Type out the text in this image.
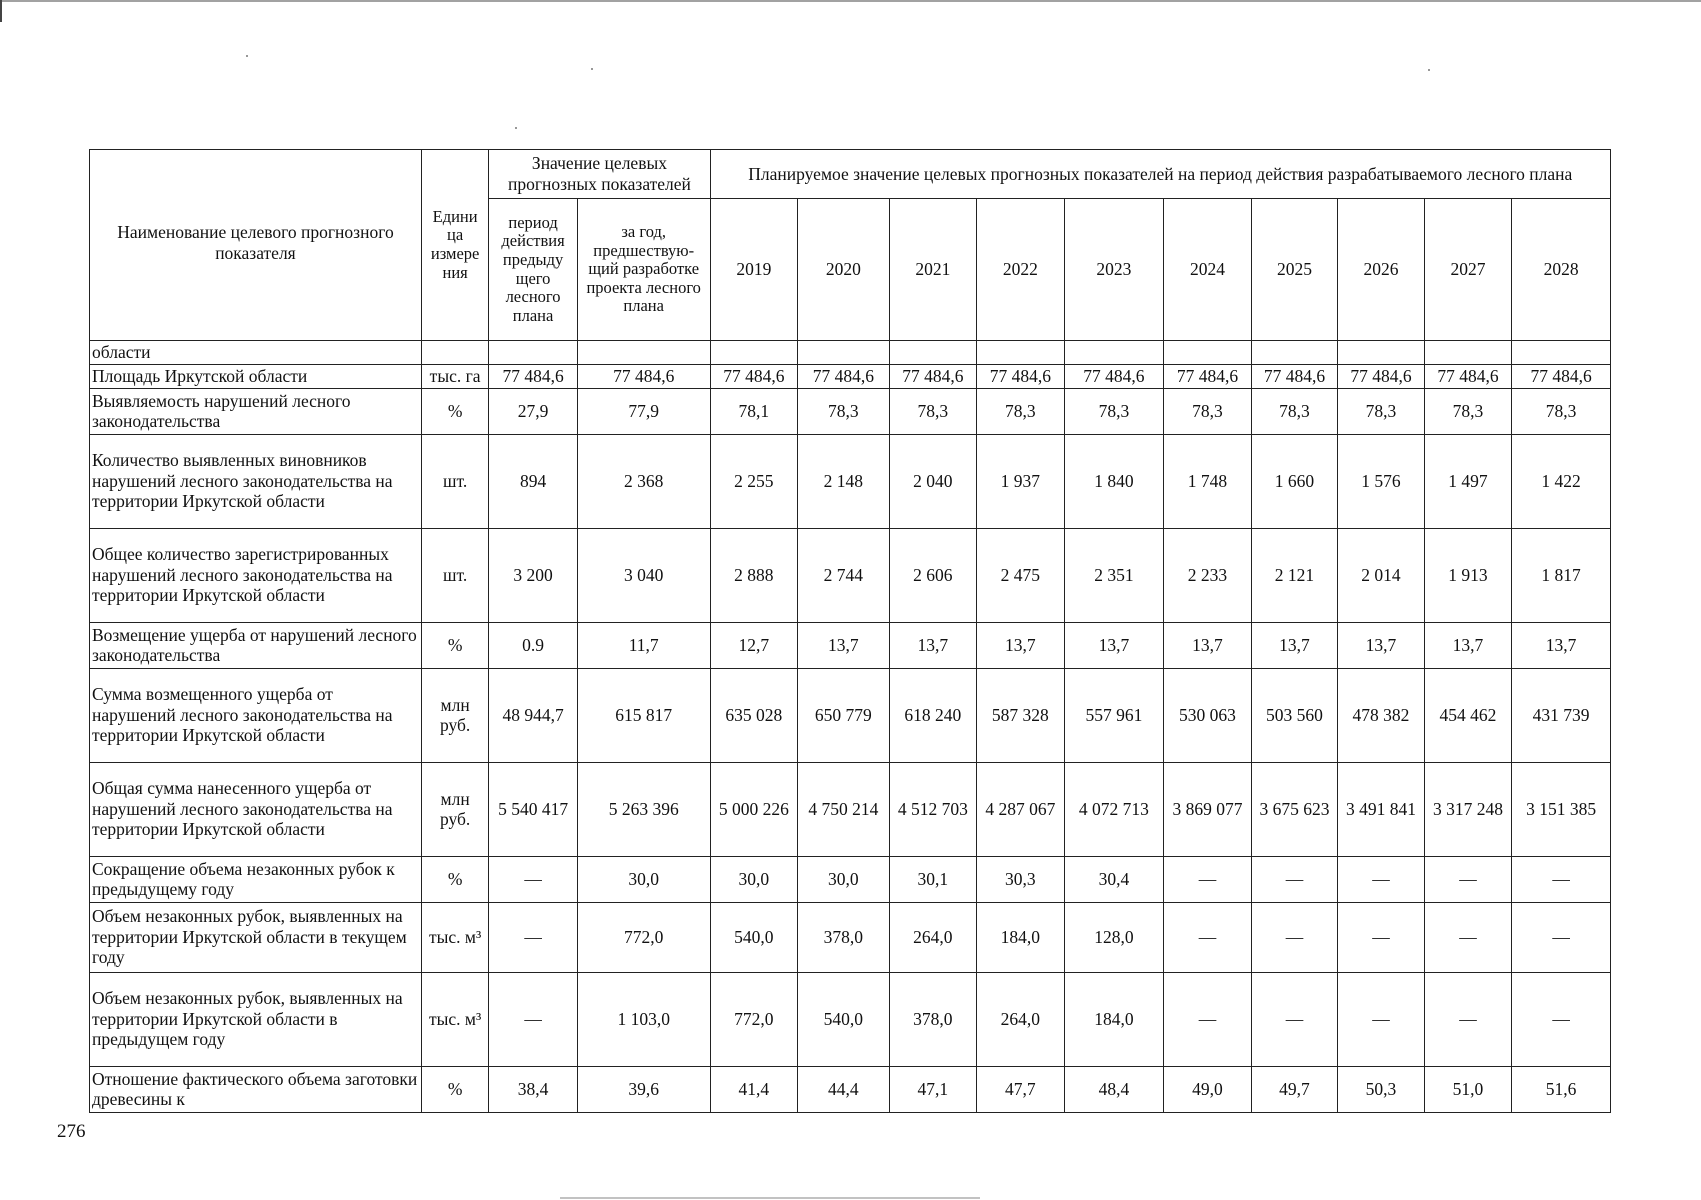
Наименование целевого прогнозного показателя	Едини ца измере ния	Значение целевых прогнозных показателей		Планируемое значение целевых прогнозных показателей на период действия разрабатываемого лесного плана									
		период действия предыду щего лесного плана	за год, предшествую-щий разработке проекта лесного плана	2019	2020	2021	2022	2023	2024	2025	2026	2027	2028
области													
Площадь Иркутской области	тыс. га	77 484,6	77 484,6	77 484,6	77 484,6	77 484,6	77 484,6	77 484,6	77 484,6	77 484,6	77 484,6	77 484,6	77 484,6
Выявляемость нарушений лесного законодательства	%	27,9	77,9	78,1	78,3	78,3	78,3	78,3	78,3	78,3	78,3	78,3	78,3
Количество выявленных виновников нарушений лесного законодательства на территории Иркутской области	шт.	894	2 368	2 255	2 148	2 040	1 937	1 840	1 748	1 660	1 576	1 497	1 422
Общее количество зарегистрированных нарушений лесного законодательства на территории Иркутской области	шт.	3 200	3 040	2 888	2 744	2 606	2 475	2 351	2 233	2 121	2 014	1 913	1 817
Возмещение ущерба от нарушений лесного законодательства	%	0.9	11,7	12,7	13,7	13,7	13,7	13,7	13,7	13,7	13,7	13,7	13,7
Сумма возмещенного ущерба от нарушений лесного законодательства на территории Иркутской области	млн руб.	48 944,7	615 817	635 028	650 779	618 240	587 328	557 961	530 063	503 560	478 382	454 462	431 739
Общая сумма нанесенного ущерба от нарушений лесного законодательства на территории Иркутской области	млн руб.	5 540 417	5 263 396	5 000 226	4 750 214	4 512 703	4 287 067	4 072 713	3 869 077	3 675 623	3 491 841	3 317 248	3 151 385
Сокращение объема незаконных рубок к предыдущему году	%	—	30,0	30,0	30,0	30,1	30,3	30,4	—	—	—	—	—
Объем незаконных рубок, выявленных на территории Иркутской области в текущем году	тыс. м³	—	772,0	540,0	378,0	264,0	184,0	128,0	—	—	—	—	—
Объем незаконных рубок, выявленных на территории Иркутской области в предыдущем году	тыс. м³	—	1 103,0	772,0	540,0	378,0	264,0	184,0	—	—	—	—	—
Отношение фактического объема заготовки древесины к	%	38,4	39,6	41,4	44,4	47,1	47,7	48,4	49,0	49,7	50,3	51,0	51,6
276
